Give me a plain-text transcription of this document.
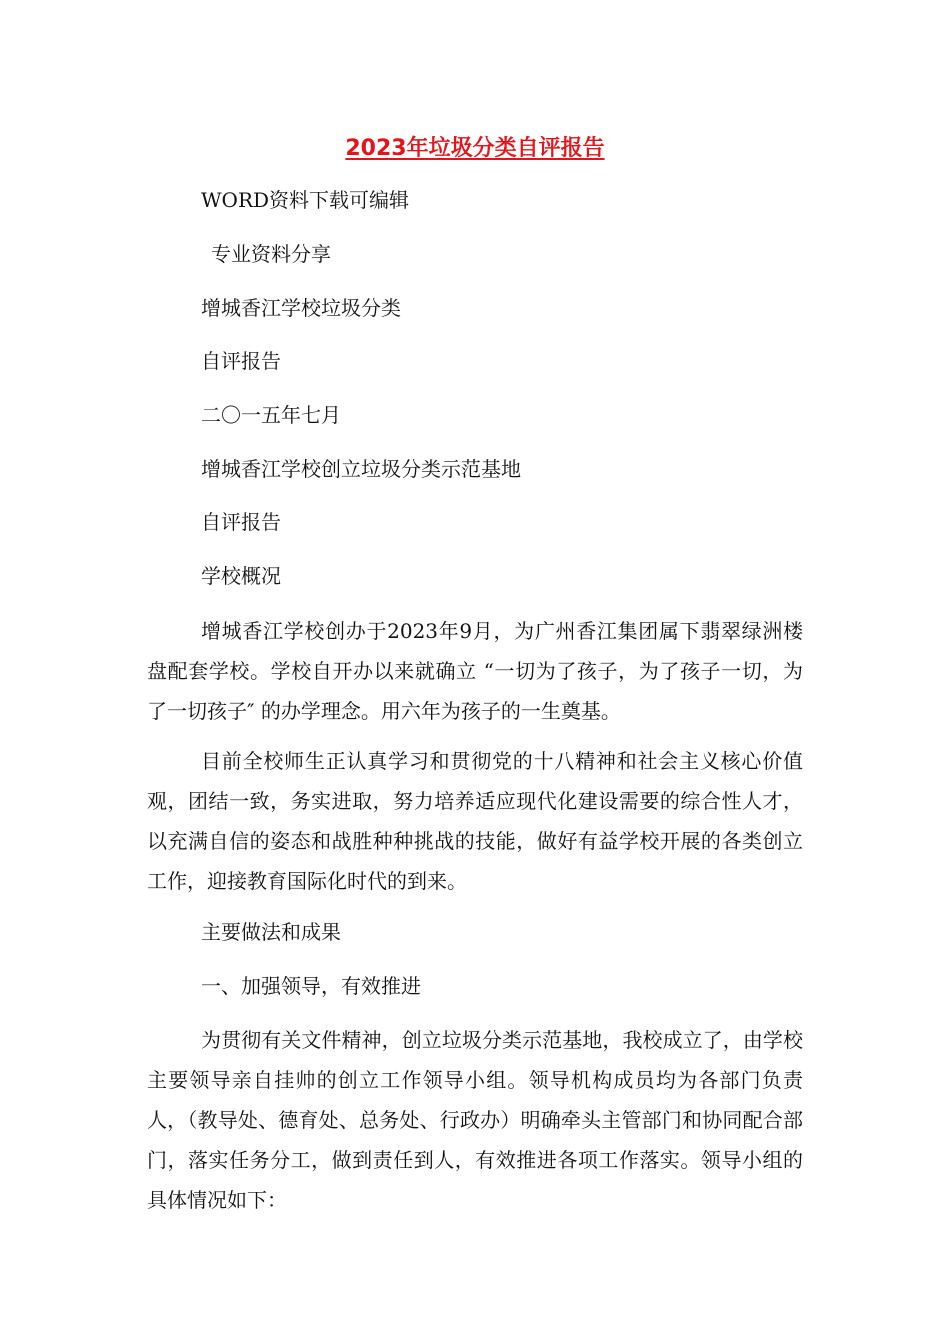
2023年垃圾分类自评报告
WORD资料下载可编辑
专业资料分享
增城香江学校垃圾分类
自评报告
二〇一五年七月
增城香江学校创立垃圾分类示范基地
自评报告
学校概况
增城香江学校创办于2023年9月，为广州香江集团属下翡翠绿洲楼盘配套学校。学校自开办以来就确立 “一切为了孩子，为了孩子一切，为了一切孩子″ 的办学理念。用六年为孩子的一生奠基。
目前全校师生正认真学习和贯彻党的十八精神和社会主义核心价值观，团结一致，务实进取，努力培养适应现代化建设需要的综合性人才，以充满自信的姿态和战胜种种挑战的技能，做好有益学校开展的各类创立工作，迎接教育国际化时代的到来。
主要做法和成果
一、加强领导，有效推进
为贯彻有关文件精神，创立垃圾分类示范基地，我校成立了，由学校主要领导亲自挂帅的创立工作领导小组。领导机构成员均为各部门负责人，（教导处、德育处、总务处、行政办）明确牵头主管部门和协同配合部门，落实任务分工，做到责任到人，有效推进各项工作落实。领导小组的具体情况如下：
